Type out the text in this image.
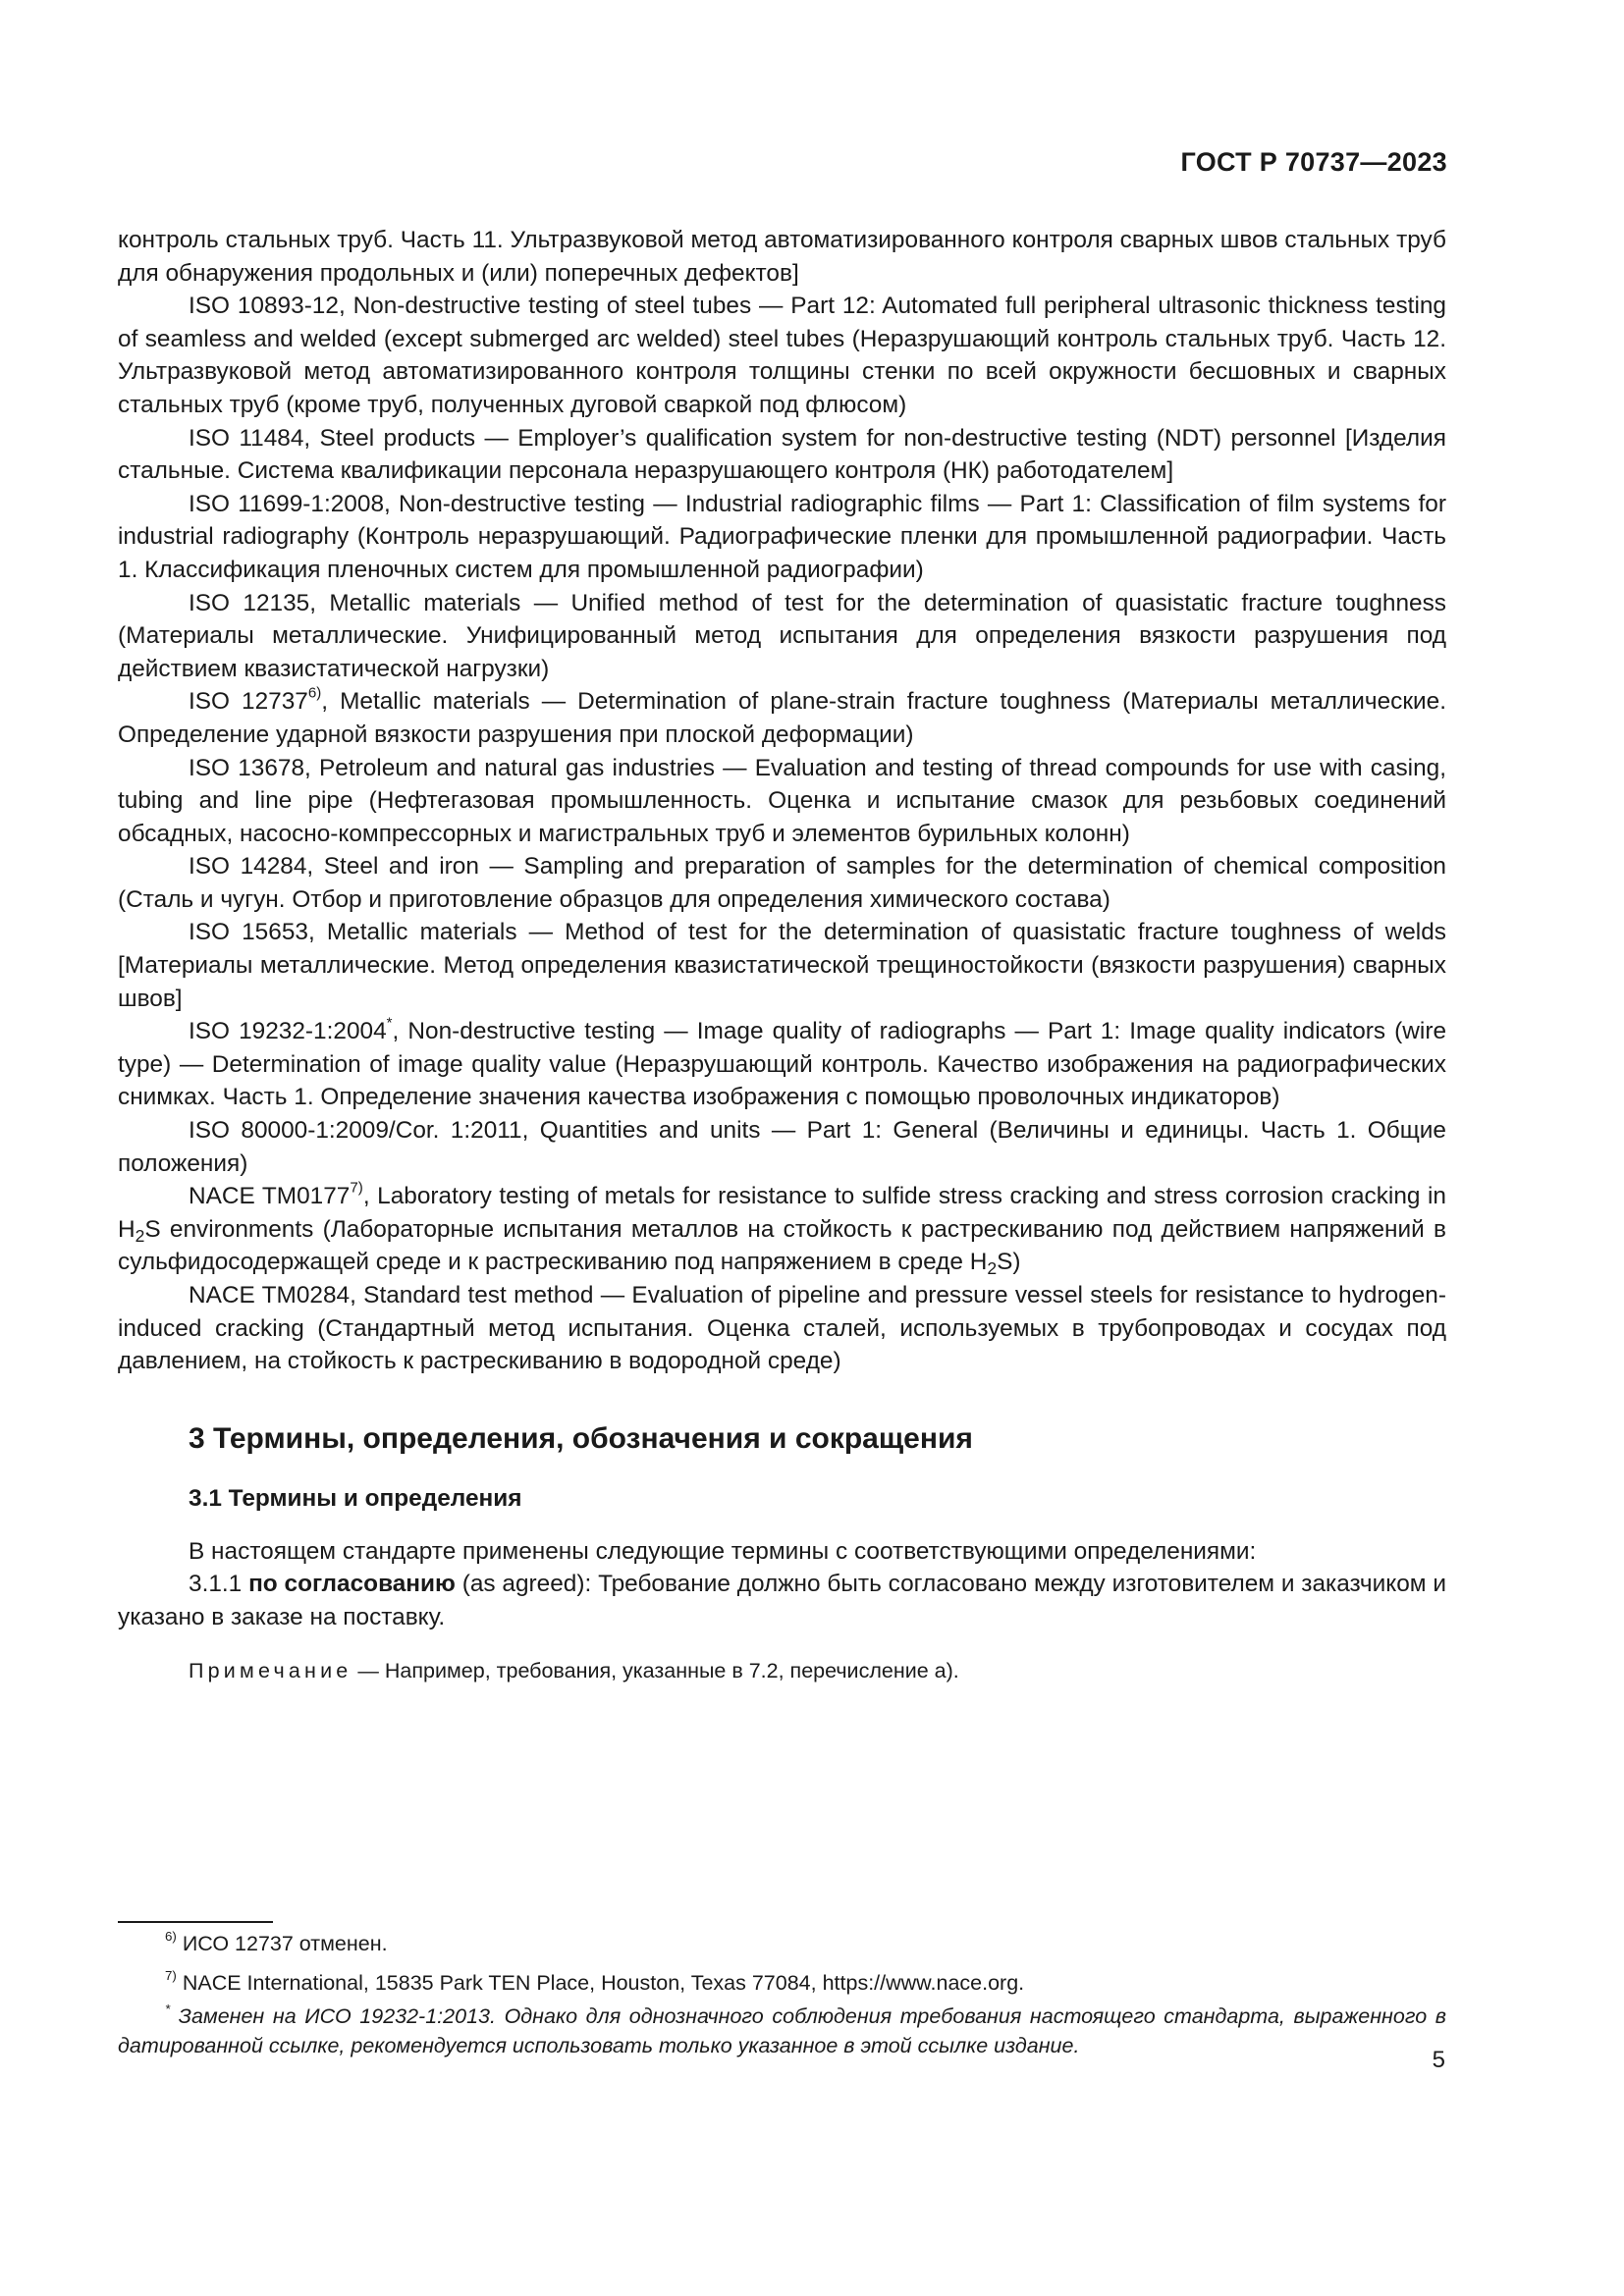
ГОСТ Р 70737—2023

контроль стальных труб. Часть 11. Ультразвуковой метод автоматизированного контроля сварных швов стальных труб для обнаружения продольных и (или) поперечных дефектов]

ISO 10893-12, Non-destructive testing of steel tubes — Part 12: Automated full peripheral ultrasonic thickness testing of seamless and welded (except submerged arc welded) steel tubes (Неразрушающий контроль стальных труб. Часть 12. Ультразвуковой метод автоматизированного контроля толщины стенки по всей окружности бесшовных и сварных стальных труб (кроме труб, полученных дуговой сваркой под флюсом)

ISO 11484, Steel products — Employer’s qualification system for non-destructive testing (NDT) personnel [Изделия стальные. Система квалификации персонала неразрушающего контроля (НК) работодателем]

ISO 11699-1:2008, Non-destructive testing — Industrial radiographic films — Part 1: Classification of film systems for industrial radiography (Контроль неразрушающий. Радиографические пленки для промышленной радиографии. Часть 1. Классификация пленочных систем для промышленной радиографии)

ISO 12135, Metallic materials — Unified method of test for the determination of quasistatic fracture toughness (Материалы металлические. Унифицированный метод испытания для определения вязкости разрушения под действием квазистатической нагрузки)

ISO 12737$^{6)}$, Metallic materials — Determination of plane-strain fracture toughness (Материалы металлические. Определение ударной вязкости разрушения при плоской деформации)

ISO 13678, Petroleum and natural gas industries — Evaluation and testing of thread compounds for use with casing, tubing and line pipe (Нефтегазовая промышленность. Оценка и испытание смазок для резьбовых соединений обсадных, насосно-компрессорных и магистральных труб и элементов бурильных колонн)

ISO 14284, Steel and iron — Sampling and preparation of samples for the determination of chemical composition (Сталь и чугун. Отбор и приготовление образцов для определения химического состава)

ISO 15653, Metallic materials — Method of test for the determination of quasistatic fracture toughness of welds [Материалы металлические. Метод определения квазистатической трещиностойкости (вязкости разрушения) сварных швов]

ISO 19232-1:2004*, Non-destructive testing — Image quality of radiographs — Part 1: Image quality indicators (wire type) — Determination of image quality value (Неразрушающий контроль. Качество изображения на радиографических снимках. Часть 1. Определение значения качества изображения с помощью проволочных индикаторов)

ISO 80000-1:2009/Cor. 1:2011, Quantities and units — Part 1: General (Величины и единицы. Часть 1. Общие положения)

NACE TM0177$^{7)}$, Laboratory testing of metals for resistance to sulfide stress cracking and stress corrosion cracking in $H_2S$ environments (Лабораторные испытания металлов на стойкость к растрескиванию под действием напряжений в сульфидосодержащей среде и к растрескиванию под напряжением в среде $H_2S$)

NACE TM0284, Standard test method — Evaluation of pipeline and pressure vessel steels for resistance to hydrogen-induced cracking (Стандартный метод испытания. Оценка сталей, используемых в трубопроводах и сосудах под давлением, на стойкость к растрескиванию в водородной среде)

3 Термины, определения, обозначения и сокращения
3.1 Термины и определения

В настоящем стандарте применены следующие термины с соответствующими определениями:

3.1.1 по согласованию (as agreed): Требование должно быть согласовано между изготовителем и заказчиком и указано в заказе на поставку.

Примечание — Например, требования, указанные в 7.2, перечисление а).
$^{6)}$ ИСО 12737 отменен.
$^{7)}$ NACE International, 15835 Park TEN Place, Houston, Texas 77084, https://www.nace.org.
* Заменен на ИСО 19232-1:2013. Однако для однозначного соблюдения требования настоящего стандарта, выраженного в датированной ссылке, рекомендуется использовать только указанное в этой ссылке издание.
5
